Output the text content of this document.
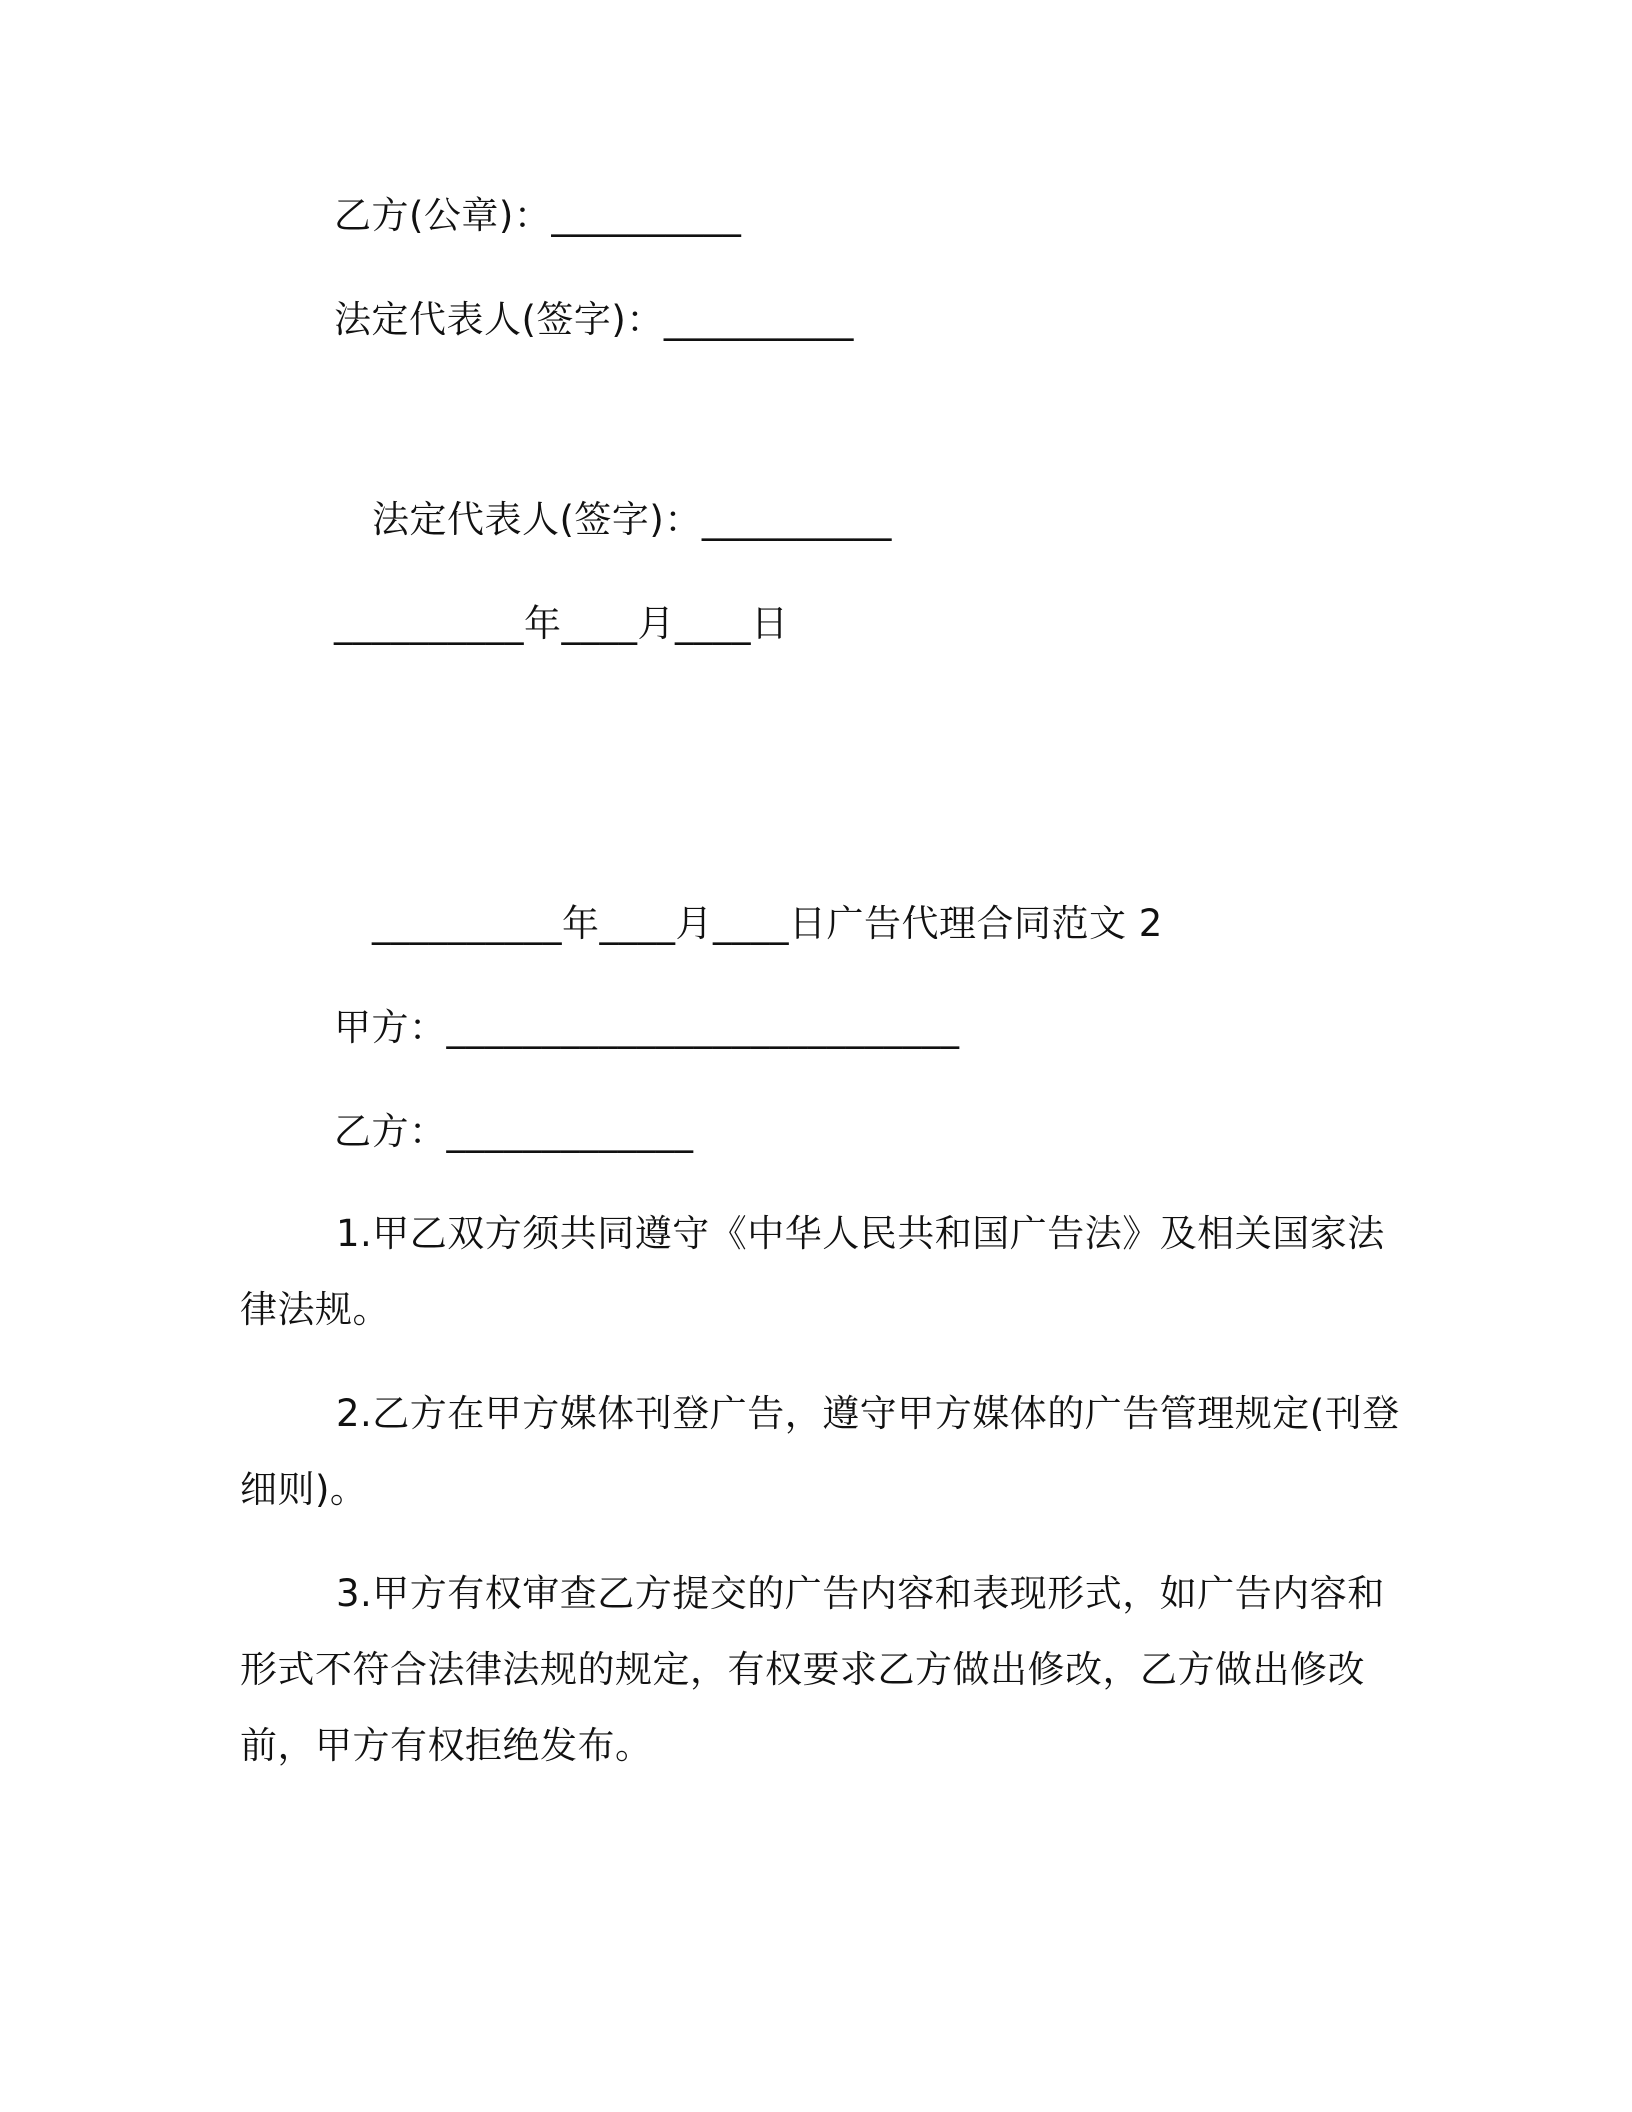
乙方(公章)：__________
法定代表人(签字)：__________
法定代表人(签字)：__________
__________年____月____日
__________年____月____日广告代理合同范文 2
甲方：___________________________
乙方：_____________
1.甲乙双方须共同遵守《中华人民共和国广告法》及相关国家法
律法规。
2.乙方在甲方媒体刊登广告，遵守甲方媒体的广告管理规定(刊登
细则)。
3.甲方有权审查乙方提交的广告内容和表现形式，如广告内容和
形式不符合法律法规的规定，有权要求乙方做出修改，乙方做出修改
前，甲方有权拒绝发布。
